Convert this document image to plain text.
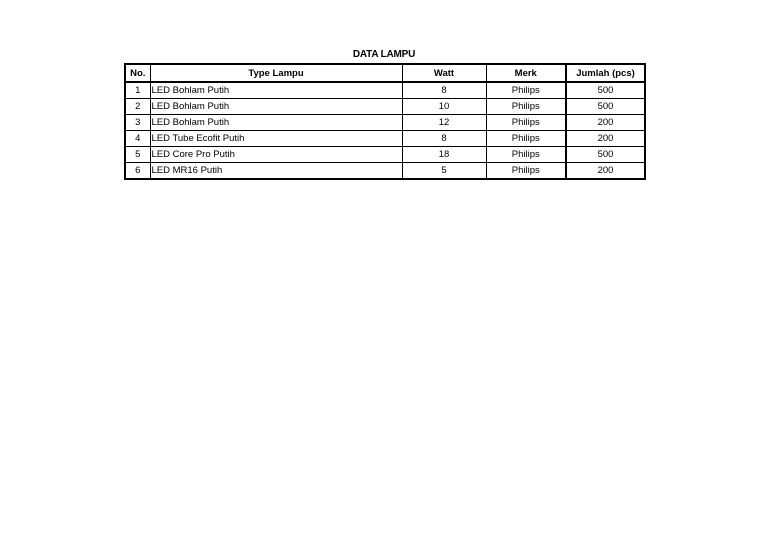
DATA LAMPU
No.	Type Lampu	Watt	Merk	Jumlah (pcs)
1	LED Bohlam Putih	8	Philips	500
2	LED Bohlam Putih	10	Philips	500
3	LED Bohlam Putih	12	Philips	200
4	LED Tube Ecofit Putih	8	Philips	200
5	LED Core Pro Putih	18	Philips	500
6	LED MR16 Putih	5	Philips	200
